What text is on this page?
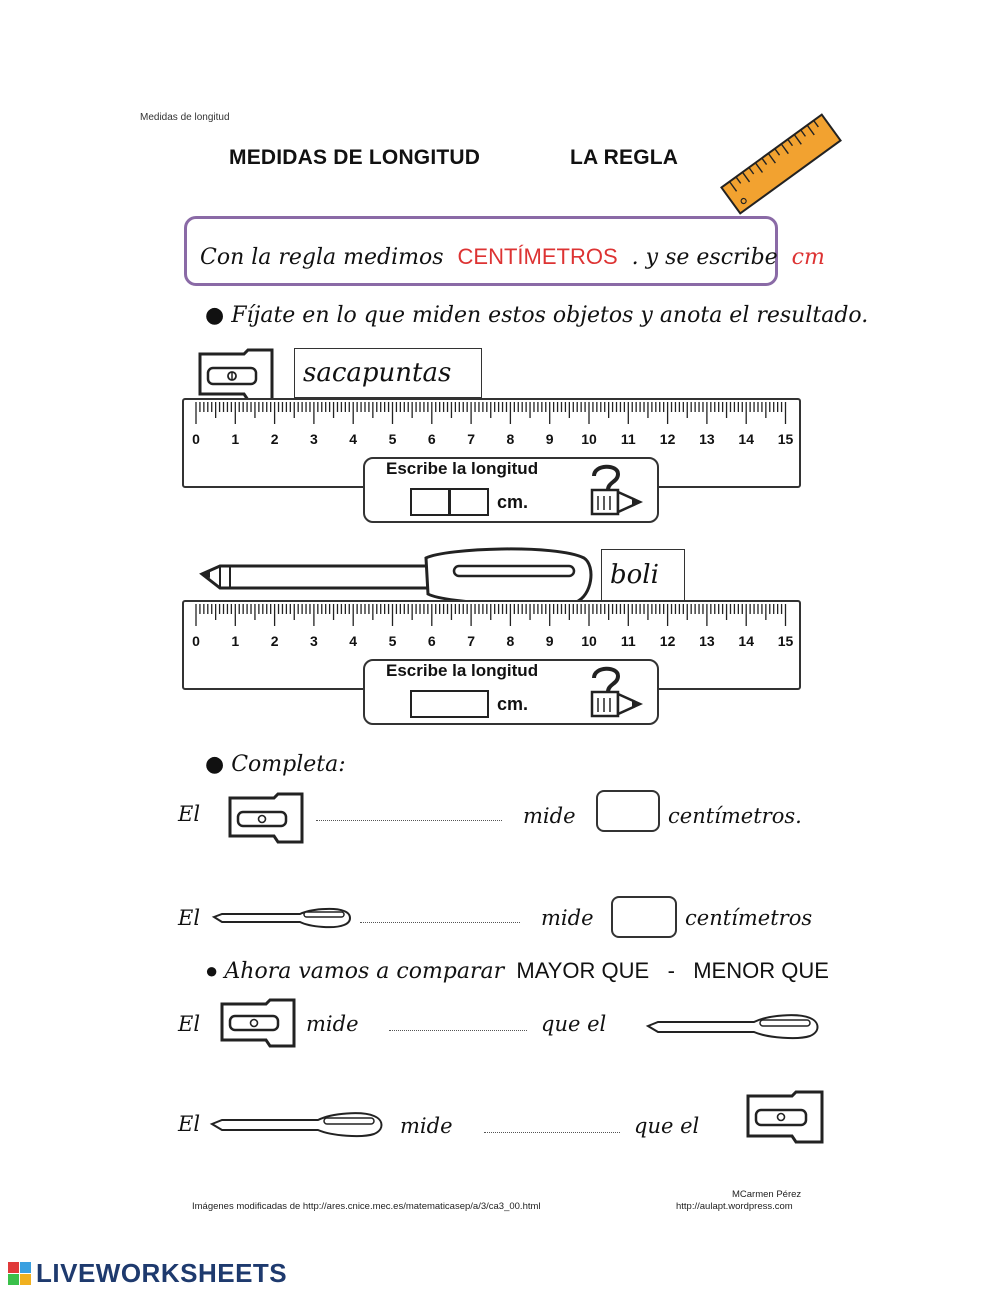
Medidas de longitud
MEDIDAS DE LONGITUD	LA REGLA
Con la regla medimos CENTÍMETROS . y se escribe cm
● Fíjate en lo que miden estos objetos y anota el resultado.
sacapuntas
0 1 2 3 4 5 6 7 8 9 10 11 12 13 14 15
Escribe la longitud
cm.
boli
0 1 2 3 4 5 6 7 8 9 10 11 12 13 14 15
Escribe la longitud
cm.
● Completa:
El	mide	centímetros.
El	mide	centímetros
● Ahora vamos a comparar MAYOR QUE - MENOR QUE
El	mide	que el
El	mide	que el
Imágenes modificadas de http://ares.cnice.mec.es/matematicasep/a/3/ca3_00.html
MCarmen Pérez
http://aulapt.wordpress.com
LIVEWORKSHEETS
